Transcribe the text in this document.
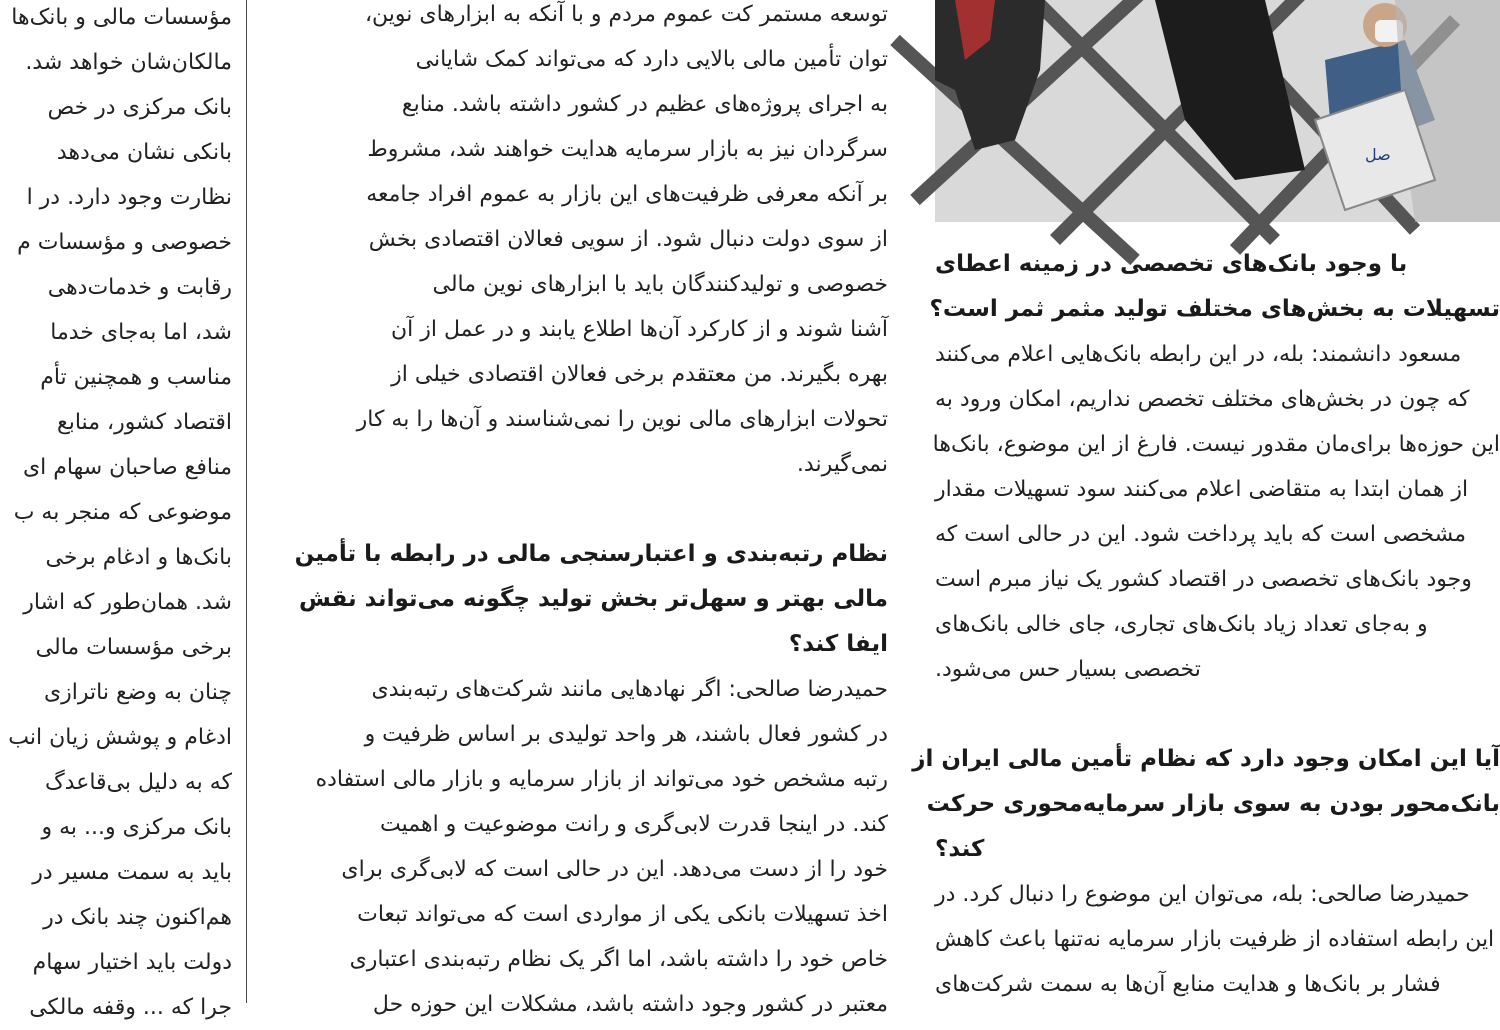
مؤسسات مالی و بانک‌ها
مالکان‌شان خواهد شد.
بانک مرکزی در خص
بانکی نشان می‌دهد
نظارت وجود دارد. در ا
خصوصی و مؤسسات م
رقابت و خدمات‌دهی
شد، اما به‌جای خدما
مناسب و همچنین تأم
اقتصاد کشور، منابع
منافع صاحبان سهام ای
موضوعی که منجر به ب
بانک‌ها و ادغام برخی
شد. همان‌طور که اشار
برخی مؤسسات مالی
چنان به وضع ناترازی
ادغام و پوشش زیان انب
که به دلیل بی‌قاعدگ
بانک مرکزی و... به و
باید به سمت مسیر در
هم‌اکنون چند بانک در
دولت باید اختیار سهام
جرا که ... وقفه مالکی

توسعه مستمر کت عموم مردم و با آنکه به ابزارهای نوین،
توان تأمین مالی بالایی دارد که می‌تواند کمک شایانی
به اجرای پروژه‌های عظیم در کشور داشته باشد. منابع
سرگردان نیز به بازار سرمایه هدایت خواهند شد، مشروط
بر آنکه معرفی ظرفیت‌های این بازار به عموم افراد جامعه
از سوی دولت دنبال شود. از سویی فعالان اقتصادی بخش
خصوصی و تولیدکنندگان باید با ابزارهای نوین مالی
آشنا شوند و از کارکرد آن‌ها اطلاع یابند و در عمل از آن
بهره بگیرند. من معتقدم برخی فعالان اقتصادی خیلی از
تحولات ابزارهای مالی نوین را نمی‌شناسند و آن‌ها را به کار
نمی‌گیرند.

نظام رتبه‌بندی و اعتبارسنجی مالی در رابطه با تأمین
مالی بهتر و سهل‌تر بخش تولید چگونه می‌تواند نقش
ایفا کند؟

حمیدرضا صالحی: اگر نهادهایی مانند شرکت‌های رتبه‌بندی
در کشور فعال باشند، هر واحد تولیدی بر اساس ظرفیت و
رتبه مشخص خود می‌تواند از بازار سرمایه و بازار مالی استفاده
کند. در اینجا قدرت لابی‌گری و رانت موضوعیت و اهمیت
خود را از دست می‌دهد. این در حالی است که لابی‌گری برای
اخذ تسهیلات بانکی یکی از مواردی است که می‌تواند تبعات
خاص خود را داشته باشد، اما اگر یک نظام رتبه‌بندی اعتباری
معتبر در کشور وجود داشته باشد، مشکلات این حوزه حل

صل
با وجود بانک‌های تخصصی در زمینه اعطای
تسهیلات به بخش‌های مختلف تولید مثمر ثمر است؟

مسعود دانشمند: بله، در این رابطه بانک‌هایی اعلام می‌کنند
که چون در بخش‌های مختلف تخصص نداریم، امکان ورود به
این حوزه‌ها برای‌مان مقدور نیست. فارغ از این موضوع، بانک‌ها
از همان ابتدا به متقاضی اعلام می‌کنند سود تسهیلات مقدار
مشخصی است که باید پرداخت شود. این در حالی است که
وجود بانک‌های تخصصی در اقتصاد کشور یک نیاز مبرم است
و به‌جای تعداد زیاد بانک‌های تجاری، جای خالی بانک‌های
تخصصی بسیار حس می‌شود.

آیا این امکان وجود دارد که نظام تأمین مالی ایران از
بانک‌محور بودن به سوی بازار سرمایه‌محوری حرکت
کند؟

حمیدرضا صالحی: بله، می‌توان این موضوع را دنبال کرد. در
این رابطه استفاده از ظرفیت بازار سرمایه نه‌تنها باعث کاهش
فشار بر بانک‌ها و هدایت منابع آن‌ها به سمت شرکت‌های
